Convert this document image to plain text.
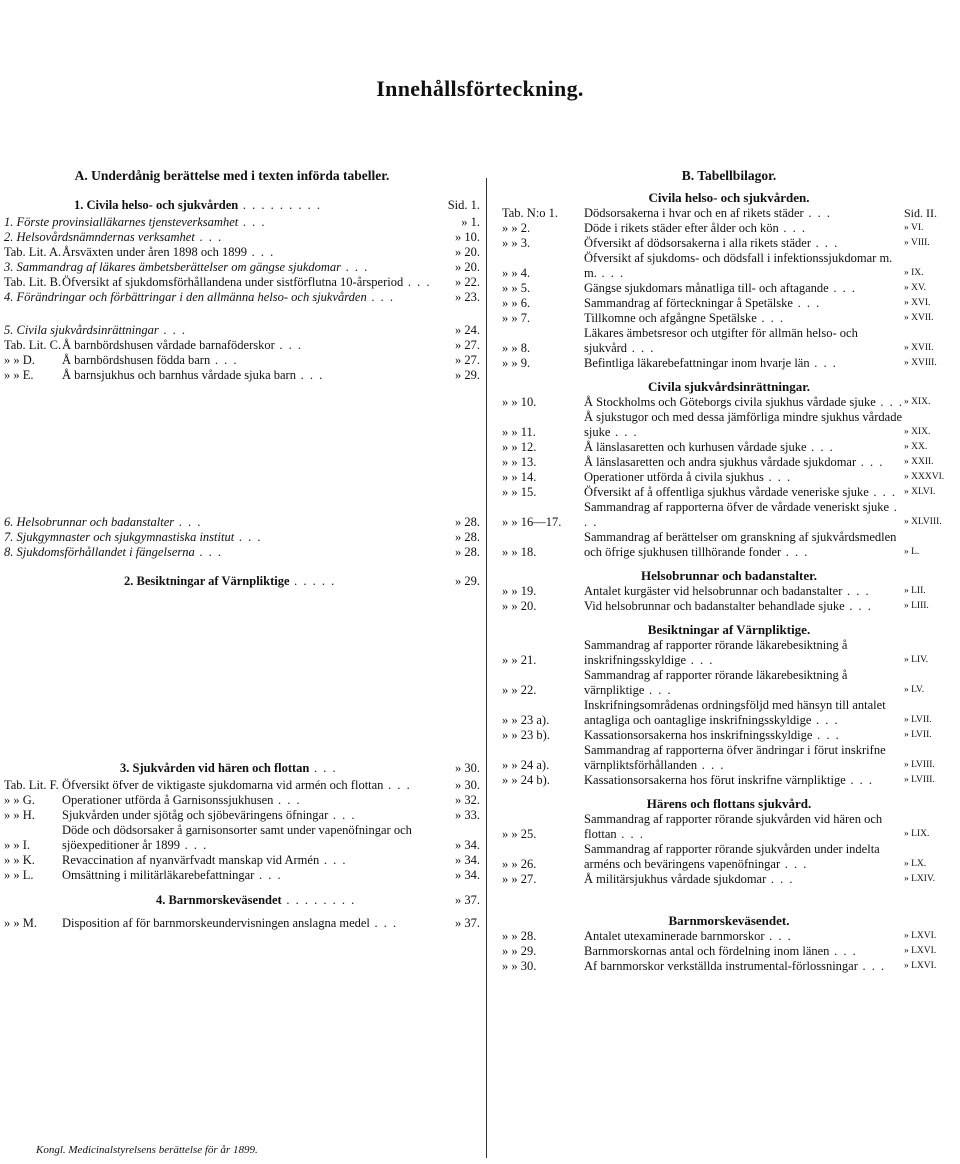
Innehållsförteckning.
A. Underdånig berättelse med i texten införda tabeller.
1. Civila helso- och sjukvården . . . . . . . . .	Sid. 1.
1. Förste provinsialläkarnes tjensteverksamhet . . .	» 1.
2. Helsovårdsnämndernas verksamhet . . .	» 10.
Tab. Lit. A. Årsväxten under åren 1898 och 1899 . . .	» 20.
3. Sammandrag af läkares ämbetsberättelser om gängse sjukdomar . . .	» 20.
Tab. Lit. B. Öfversikt af sjukdomsförhållandena under sistförflutna 10-årsperiod . . .	» 22.
4. Förändringar och förbättringar i den allmänna helso- och sjukvården . . .	» 23.
5. Civila sjukvårdsinrättningar . . .	» 24.
Tab. Lit. C. Å barnbördshusen vårdade barnaföderskor . . .	» 27.
» » D.	Å barnbördshusen födda barn . . .	» 27.
» » E.	Å barnsjukhus och barnhus vårdade sjuka barn . . .	» 29.
6. Helsobrunnar och badanstalter . . .	» 28.
7. Sjukgymnaster och sjukgymnastiska institut . . .	» 28.
8. Sjukdomsförhållandet i fängelserna . . .	» 28.
2. Besiktningar af Värnpliktige . . . . .	» 29.
3. Sjukvården vid hären och flottan . . .	» 30.
Tab. Lit. F. Öfversikt öfver de viktigaste sjukdomarna vid armén och flottan . . .	» 30.
» » G.	Operationer utförda å Garnisonssjukhusen . . .	» 32.
» » H.	Sjukvården under sjötåg och sjöbeväringens öfningar . . .	» 33.
» » I.
Döde och dödsorsaker å garnisonsorter samt under vapenöfningar och sjöexpeditioner år 1899 . . .	» 34.
» » K.	Revaccination af nyanvärfvadt manskap vid Armén . . .	» 34.
» » L.	Omsättning i militärläkarebefattningar . . .	» 34.
4. Barnmorskeväsendet . . . . . . . .	» 37.
» » M.	Disposition af för barnmorskeundervisningen anslagna medel . . .	» 37.
B. Tabellbilagor.
Civila helso- och sjukvården.
Tab. N:o 1.	Dödsorsakerna i hvar och en af rikets städer . . .	Sid. II.
» » 2.	Döde i rikets städer efter ålder och kön . . .	» VI.
» » 3.	Öfversikt af dödsorsakerna i alla rikets städer . . .	» VIII.
» » 4.
Öfversikt af sjukdoms- och dödsfall i infektionssjukdomar m. m. . . .	» IX.
» » 5.	Gängse sjukdomars månatliga till- och aftagande . . .	» XV.
» » 6.	Sammandrag af förteckningar å Spetälske . . .	» XVI.
» » 7.	Tillkomne och afgångne Spetälske . . .	» XVII.
» » 8.
Läkares ämbetsresor och utgifter för allmän helso- och sjukvård . . .	» XVII.
» » 9.	Befintliga läkarebefattningar inom hvarje län . . .	» XVIII.
Civila sjukvårdsinrättningar.
» » 10.	Å Stockholms och Göteborgs civila sjukhus vårdade sjuke . . . » XIX.
» » 11.
Å sjukstugor och med dessa jämförliga mindre sjukhus vårdade sjuke . . .	» XIX.
» » 12.	Å länslasaretten och kurhusen vårdade sjuke . . .	» XX.
» » 13.	Å länslasaretten och andra sjukhus vårdade sjukdomar . . .	» XXII.
» » 14.	Operationer utförda å civila sjukhus . . .	» XXXVI.
» » 15.	Öfversikt af å offentliga sjukhus vårdade veneriske sjuke . . . » XLVI.
» » 16—17.
Sammandrag af rapporterna öfver de vårdade veneriskt sjuke . . .	» XLVIII.
» » 18.
Sammandrag af berättelser om granskning af sjukvårdsmedlen och öfrige sjukhusen tillhörande fonder . . .	» L.
Helsobrunnar och badanstalter.
» » 19.	Antalet kurgäster vid helsobrunnar och badanstalter . . .	» LII.
» » 20.	Vid helsobrunnar och badanstalter behandlade sjuke . . .	» LIII.
Besiktningar af Värnpliktige.
» » 21.
Sammandrag af rapporter rörande läkarebesiktning å inskrifningsskyldige . . .	» LIV.
» » 22.
Sammandrag af rapporter rörande läkarebesiktning å värnpliktige . . .	» LV.
» » 23 a).
Inskrifningsområdenas ordningsföljd med hänsyn till antalet antagliga och oantaglige inskrifningsskyldige . . .	» LVII.
» » 23 b).	Kassationsorsakerna hos inskrifningsskyldige . . .	» LVII.
» » 24 a).
Sammandrag af rapporterna öfver ändringar i förut inskrifne värnpliktsförhållanden . . .	» LVIII.
» » 24 b).	Kassationsorsakerna hos förut inskrifne värnpliktige . . .	» LVIII.
Härens och flottans sjukvård.
» » 25.
Sammandrag af rapporter rörande sjukvården vid hären och flottan . . .	» LIX.
» » 26.
Sammandrag af rapporter rörande sjukvården under indelta arméns och beväringens vapenöfningar . . .	» LX.
» » 27.	Å militärsjukhus vårdade sjukdomar . . .	» LXIV.
Barnmorskeväsendet.
» » 28.	Antalet utexaminerade barnmorskor . . .	» LXVI.
» » 29.	Barnmorskornas antal och fördelning inom länen . . .	» LXVI.
» » 30.	Af barnmorskor verkställda instrumental-förlossningar . . .	» LXVI.
Kongl. Medicinalstyrelsens berättelse för år 1899.
